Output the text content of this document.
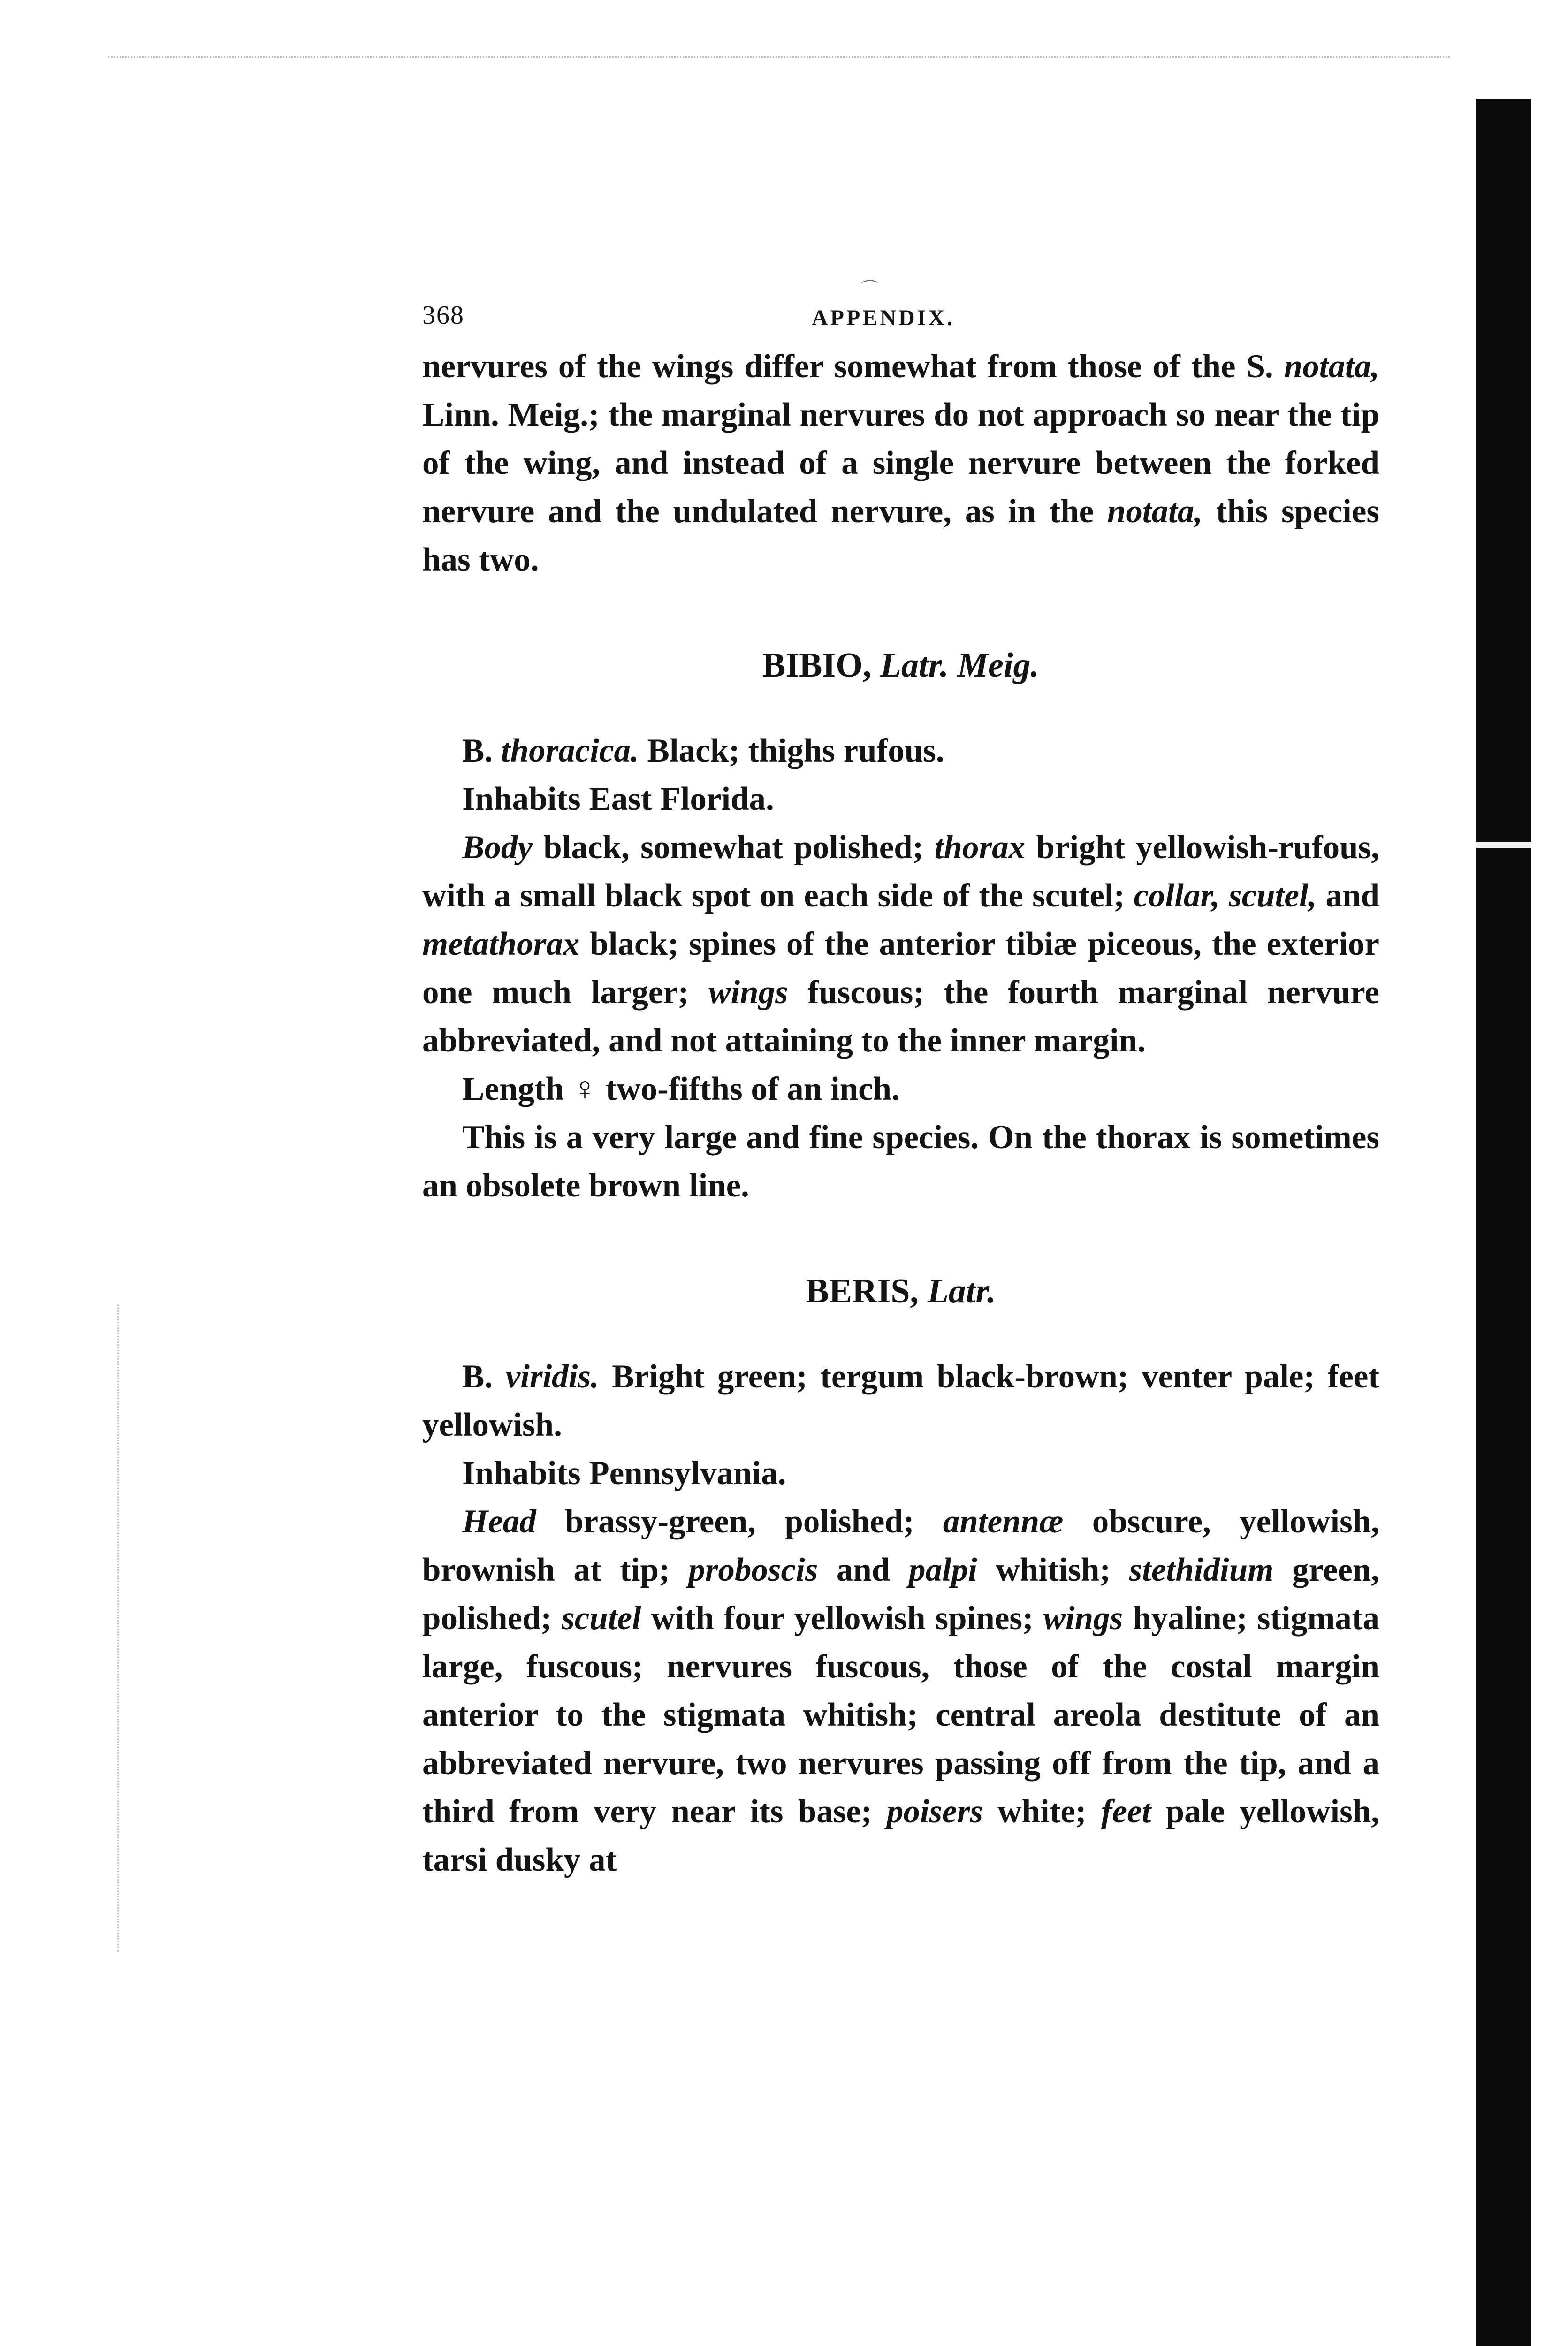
⌒
368	APPENDIX.

nervures of the wings differ somewhat from those of the S. notata, Linn. Meig.; the marginal nervures do not approach so near the tip of the wing, and instead of a single nervure between the forked nervure and the undulated nervure, as in the notata, this species has two.

BIBIO, Latr. Meig.

B. thoracica. Black; thighs rufous.

Inhabits East Florida.

Body black, somewhat polished; thorax bright yellowish-rufous, with a small black spot on each side of the scutel; collar, scutel, and metathorax black; spines of the anterior tibiæ piceous, the exterior one much larger; wings fuscous; the fourth marginal nervure abbreviated, and not attaining to the inner margin.

Length ♀ two-fifths of an inch.

This is a very large and fine species. On the thorax is sometimes an obsolete brown line.

BERIS, Latr.

B. viridis. Bright green; tergum black-brown; venter pale; feet yellowish.

Inhabits Pennsylvania.

Head brassy-green, polished; antennæ obscure, yellowish, brownish at tip; proboscis and palpi whitish; stethidium green, polished; scutel with four yellowish spines; wings hyaline; stigmata large, fuscous; nervures fuscous, those of the costal margin anterior to the stigmata whitish; central areola destitute of an abbreviated nervure, two nervures passing off from the tip, and a third from very near its base; poisers white; feet pale yellowish, tarsi dusky at
